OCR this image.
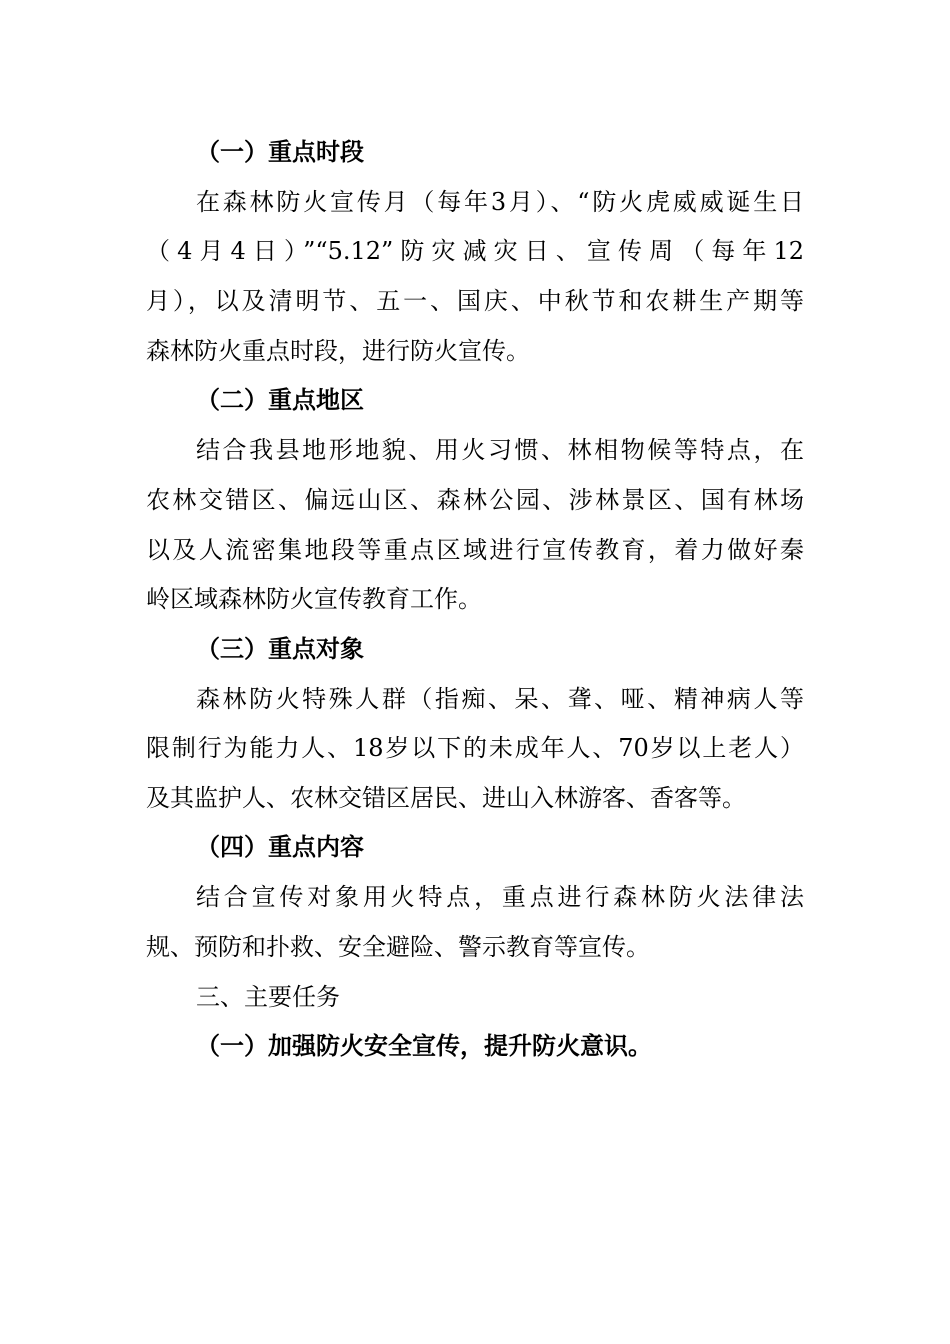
（一）重点时段
在森林防火宣传月（每年3月）、“防火虎威威诞生日
（4月4日）”“5.12”防灾减灾日、宣传周（每年12
月），以及清明节、五一、国庆、中秋节和农耕生产期等
森林防火重点时段，进行防火宣传。
（二）重点地区
结合我县地形地貌、用火习惯、林相物候等特点，在
农林交错区、偏远山区、森林公园、涉林景区、国有林场
以及人流密集地段等重点区域进行宣传教育，着力做好秦
岭区域森林防火宣传教育工作。
（三）重点对象
森林防火特殊人群（指痴、呆、聋、哑、精神病人等
限制行为能力人、18岁以下的未成年人、70岁以上老人）
及其监护人、农林交错区居民、进山入林游客、香客等。
（四）重点内容
结合宣传对象用火特点，重点进行森林防火法律法
规、预防和扑救、安全避险、警示教育等宣传。
三、主要任务
（一）加强防火安全宣传，提升防火意识。
